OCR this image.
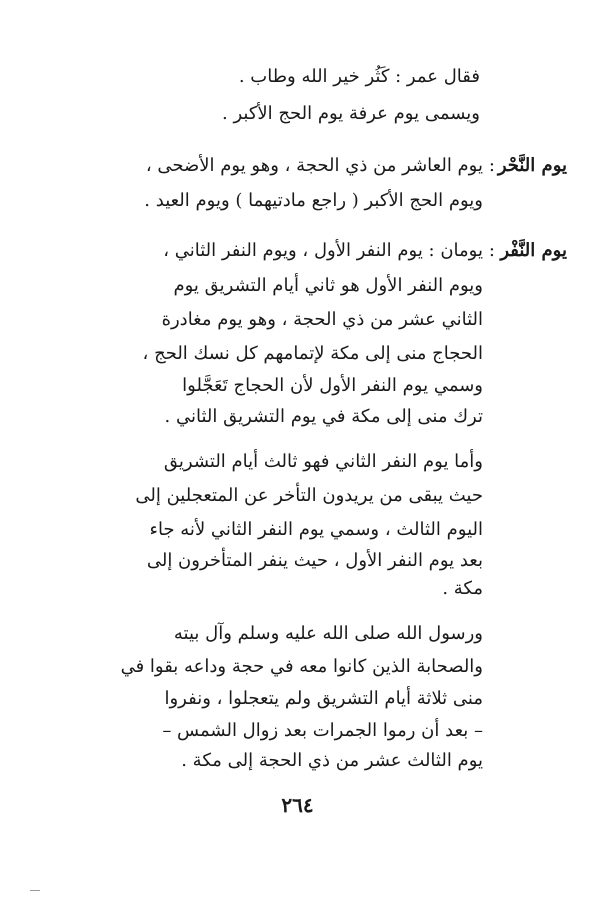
فقال عمر : كَثُر خير الله وطاب .
ويسمى يوم عرفة يوم الحج الأكبر .
يوم النَّحْر
:
يوم العاشر من ذي الحجة ، وهو يوم الأضحى ،
ويوم الحج الأكبر ( راجع مادتيهما ) ويوم العيد .
يوم النَّفْر
:
يومان : يوم النفر الأول ، ويوم النفر الثاني ،
ويوم النفر الأول هو ثاني أيام التشريق يوم
الثاني عشر من ذي الحجة ، وهو يوم مغادرة
الحجاج منى إلى مكة لإتمامهم كل نسك الحج ،
وسمي يوم النفر الأول لأن الحجاج تَعَجَّلوا
ترك منى إلى مكة في يوم التشريق الثاني .
وأما يوم النفر الثاني فهو ثالث أيام التشريق
حيث يبقى من يريدون التأخر عن المتعجلين إلى
اليوم الثالث ، وسمي يوم النفر الثاني لأنه جاء
بعد يوم النفر الأول ، حيث ينفر المتأخرون إلى
مكة .
ورسول الله صلى الله عليه وسلم وآل بيته
والصحابة الذين كانوا معه في حجة وداعه بقوا في
منى ثلاثة أيام التشريق ولم يتعجلوا ، ونفروا
– بعد أن رموا الجمرات بعد زوال الشمس –
يوم الثالث عشر من ذي الحجة إلى مكة .
٢٦٤
